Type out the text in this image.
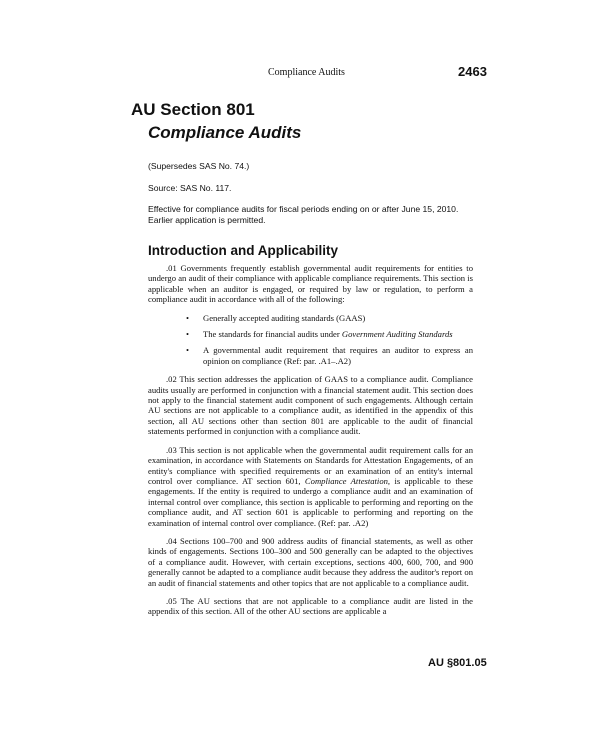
Compliance Audits	2463
AU Section 801
Compliance Audits
(Supersedes SAS No. 74.)
Source: SAS No. 117.
Effective for compliance audits for fiscal periods ending on or after June 15, 2010. Earlier application is permitted.
Introduction and Applicability

.01 Governments frequently establish governmental audit requirements for entities to undergo an audit of their compliance with applicable compliance requirements. This section is applicable when an auditor is engaged, or required by law or regulation, to perform a compliance audit in accordance with all of the following:

• Generally accepted auditing standards (GAAS)
• The standards for financial audits under Government Auditing Standards
• A governmental audit requirement that requires an auditor to express an opinion on compliance (Ref: par. .A1–.A2)

.02 This section addresses the application of GAAS to a compliance audit. Compliance audits usually are performed in conjunction with a financial statement audit. This section does not apply to the financial statement audit component of such engagements. Although certain AU sections are not applicable to a compliance audit, as identified in the appendix of this section, all AU sections other than section 801 are applicable to the audit of financial statements performed in conjunction with a compliance audit.

.03 This section is not applicable when the governmental audit requirement calls for an examination, in accordance with Statements on Standards for Attestation Engagements, of an entity's compliance with specified requirements or an examination of an entity's internal control over compliance. AT section 601, Compliance Attestation, is applicable to these engagements. If the entity is required to undergo a compliance audit and an examination of internal control over compliance, this section is applicable to performing and reporting on the compliance audit, and AT section 601 is applicable to performing and reporting on the examination of internal control over compliance. (Ref: par. .A2)

.04 Sections 100–700 and 900 address audits of financial statements, as well as other kinds of engagements. Sections 100–300 and 500 generally can be adapted to the objectives of a compliance audit. However, with certain exceptions, sections 400, 600, 700, and 900 generally cannot be adapted to a compliance audit because they address the auditor's report on an audit of financial statements and other topics that are not applicable to a compliance audit.

.05 The AU sections that are not applicable to a compliance audit are listed in the appendix of this section. All of the other AU sections are applicable a

AU §801.05
